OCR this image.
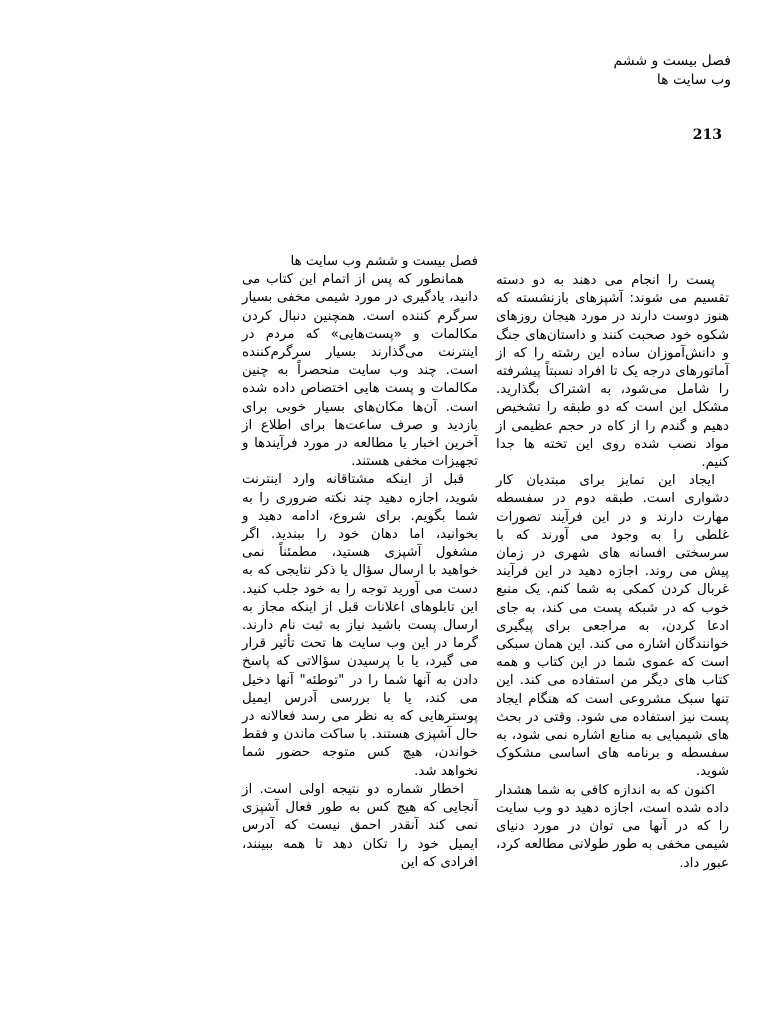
فصل بیست و ششم
وب سایت ها
213

پست را انجام می دهند به دو دسته تقسیم می شوند: آشپزهای بازنشسته که هنوز دوست دارند در مورد هیجان روزهای شکوه خود صحبت کنند و داستان‌های جنگ و دانش‌آموزان ساده این رشته را که از آماتورهای درجه یک تا افراد نسبتاً پیشرفته را شامل می‌شود، به اشتراک بگذارید. مشکل این است که دو طبقه را تشخیص دهیم و گندم را از کاه در حجم عظیمی از مواد نصب شده روی این تخته ها جدا کنیم.

ایجاد این تمایز برای مبتدیان کار دشواری است. طبقه دوم در سفسطه مهارت دارند و در این فرآیند تصورات غلطی را به وجود می آورند که با سرسختی افسانه های شهری در زمان پیش می روند. اجازه دهید در این فرآیند غربال کردن کمکی به شما کنم. یک منبع خوب که در شبکه پست می کند، به جای ادعا کردن، به مراجعی برای پیگیری خوانندگان اشاره می کند. این همان سبکی است که عموی شما در این کتاب و همه کتاب های دیگر من استفاده می کند. این تنها سبک مشروعی است که هنگام ایجاد پست نیز استفاده می شود. وقتی در بحث های شیمیایی به منابع اشاره نمی شود، به سفسطه و برنامه های اساسی مشکوک شوید.

اکنون که به اندازه کافی به شما هشدار داده شده است، اجازه دهید دو وب سایت را که در آنها می توان در مورد دنیای شیمی مخفی به طور طولانی مطالعه کرد، عبور داد.

فصل بیست و ششم وب سایت ها

همانطور که پس از اتمام این کتاب می دانید، یادگیری در مورد شیمی مخفی بسیار سرگرم کننده است. همچنین دنبال کردن مکالمات و «پست‌هایی» که مردم در اینترنت می‌گذارند بسیار سرگرم‌کننده است. چند وب سایت منحصراً به چنین مکالمات و پست هایی اختصاص داده شده است. آن‌ها مکان‌های بسیار خوبی برای بازدید و صرف ساعت‌ها برای اطلاع از آخرین اخبار یا مطالعه در مورد فرآیندها و تجهیزات مخفی هستند.

قبل از اینکه مشتاقانه وارد اینترنت شوید، اجازه دهید چند نکته ضروری را به شما بگویم. برای شروع، ادامه دهید و بخوانید، اما دهان خود را ببندید. اگر مشغول آشپزی هستید، مطمئناً نمی خواهید با ارسال سؤال یا ذکر نتایجی که به دست می آورید توجه را به خود جلب کنید. این تابلوهای اعلانات قبل از اینکه مجاز به ارسال پست باشید نیاز به ثبت نام دارند. گرما در این وب سایت ها تحت تأثیر قرار می گیرد، یا با پرسیدن سؤالاتی که پاسخ دادن به آنها شما را در "توطئه" آنها دخیل می کند، یا با بررسی آدرس ایمیل پوسترهایی که به نظر می رسد فعالانه در حال آشپزی هستند. با ساکت ماندن و فقط خواندن، هیچ کس متوجه حضور شما نخواهد شد.

اخطار شماره دو نتیجه اولی است. از آنجایی که هیچ کس به طور فعال آشپزی نمی کند آنقدر احمق نیست که آدرس ایمیل خود را تکان دهد تا همه ببینند، افرادی که این
